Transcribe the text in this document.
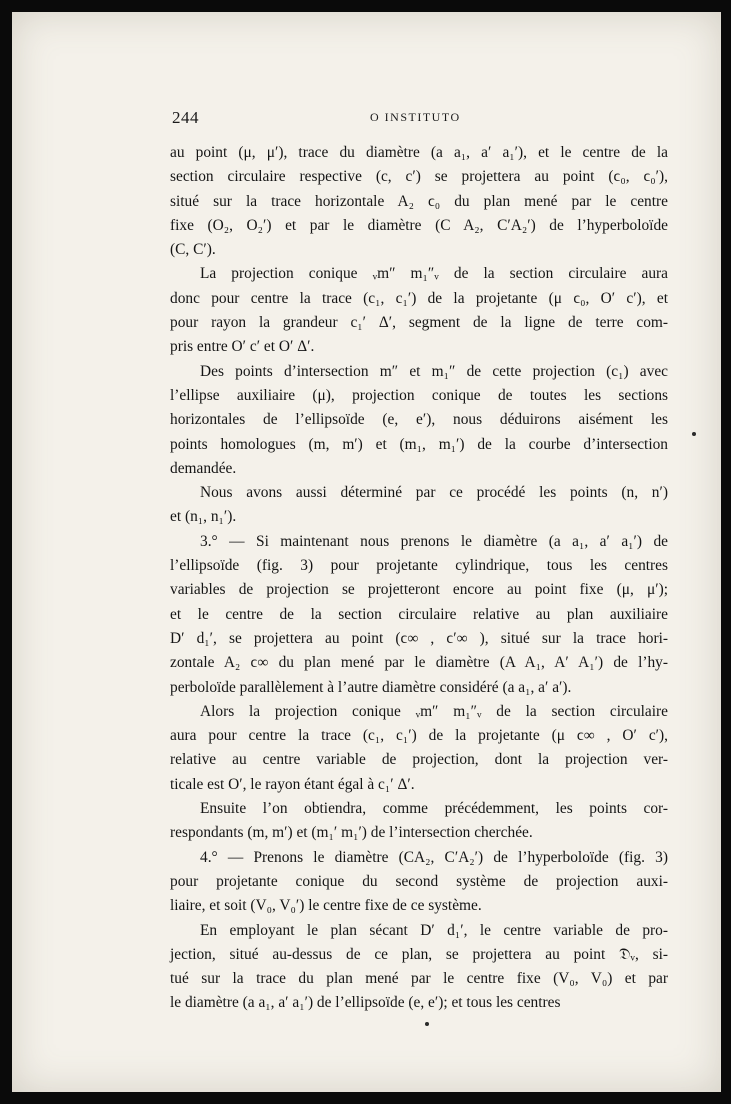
244	O INSTITUTO

au point (μ, μ′), trace du diamètre (a a₁, a′ a₁′), et le centre de la
section circulaire respective (c, c′) se projettera au point (ϲ₀, ϲ₀′),
situé sur la trace horizontale A₂ ϲ₀ du plan mené par le centre
fixe (O₂, O₂′) et par le diamètre (C A₂, C′A₂′) de l’hyperboloïde
(C, C′).

La projection conique ᵥm″ m₁″ᵥ de la section circulaire aura
donc pour centre la trace (c₁, c₁′) de la projetante (μ ϲ₀, O′ c′), et
pour rayon la grandeur c₁′ Δ′, segment de la ligne de terre com-
pris entre O′ c′ et O′ Δ′.

Des points d’intersection m″ et m₁″ de cette projection (c₁) avec
l’ellipse auxiliaire (μ), projection conique de toutes les sections
horizontales de l’ellipsoïde (e, e′), nous déduirons aisément les
points homologues (m, m′) et (m₁, m₁′) de la courbe d’intersection
demandée.

Nous avons aussi déterminé par ce procédé les points (n, n′)
et (n₁, n₁′).

3.° — Si maintenant nous prenons le diamètre (a a₁, a′ a₁′) de
l’ellipsoïde (fig. 3) pour projetante cylindrique, tous les centres
variables de projection se projetteront encore au point fixe (μ, μ′);
et le centre de la section circulaire relative au plan auxiliaire
D′ d₁′, se projettera au point (ϲ∞ , ϲ′∞ ), situé sur la trace hori-
zontale A₂ ϲ∞ du plan mené par le diamètre (A A₁, A′ A₁′) de l’hy-
perboloïde parallèlement à l’autre diamètre considéré (a a₁, a′ a′).

Alors la projection conique ᵥm″ m₁″ᵥ de la section circulaire
aura pour centre la trace (c₁, c₁′) de la projetante (μ ϲ∞ , O′ c′),
relative au centre variable de projection, dont la projection ver-
ticale est O′, le rayon étant égal à c₁′ Δ′.

Ensuite l’on obtiendra, comme précédemment, les points cor-
respondants (m, m′) et (m₁′ m₁′) de l’intersection cherchée.

4.° — Prenons le diamètre (CA₂, C′A₂′) de l’hyperboloïde (fig. 3)
pour projetante conique du second système de projection auxi-
liaire, et soit (V₀, V₀′) le centre fixe de ce système.

En employant le plan sécant D′ d₁′, le centre variable de pro-
jection, situé au-dessus de ce plan, se projettera au point 𝔇ᵥ, si-
tué sur la trace du plan mené par le centre fixe (V₀, V₀) et par
le diamètre (a a₁, a′ a₁′) de l’ellipsoïde (e, e′); et tous les centres
